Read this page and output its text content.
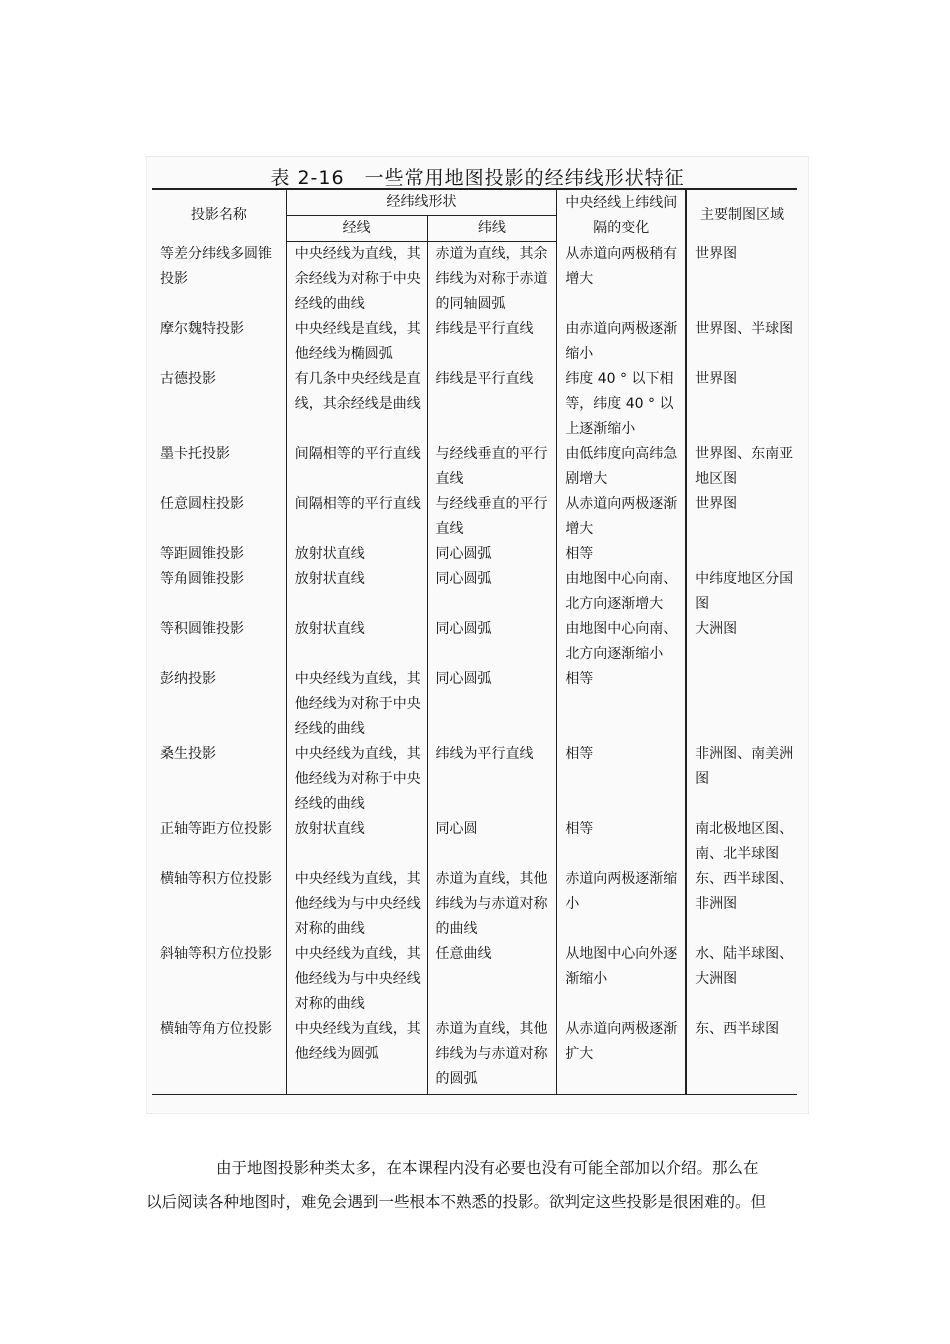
表 2-16　一些常用地图投影的经纬线形状特征
投影名称	经纬线形状		中央经线上纬线间隔的变化	主要制图区域
	经线	纬线		
等差分纬线多圆锥投影	中央经线为直线，其余经线为对称于中央经线的曲线	赤道为直线，其余纬线为对称于赤道的同轴圆弧	从赤道向两极稍有增大	世界图
摩尔魏特投影	中央经线是直线，其他经线为椭圆弧	纬线是平行直线	由赤道向两极逐渐缩小	世界图、半球图
古德投影	有几条中央经线是直线，其余经线是曲线	纬线是平行直线	纬度 40 ° 以下相等，纬度 40 ° 以上逐渐缩小	世界图
墨卡托投影	间隔相等的平行直线	与经线垂直的平行直线	由低纬度向高纬急剧增大	世界图、东南亚地区图
任意圆柱投影	间隔相等的平行直线	与经线垂直的平行直线	从赤道向两极逐渐增大	世界图
等距圆锥投影	放射状直线	同心圆弧	相等	
等角圆锥投影	放射状直线	同心圆弧	由地图中心向南、北方向逐渐增大	中纬度地区分国图
等积圆锥投影	放射状直线	同心圆弧	由地图中心向南、北方向逐渐缩小	大洲图
彭纳投影	中央经线为直线，其他经线为对称于中央经线的曲线	同心圆弧	相等	
桑生投影	中央经线为直线，其他经线为对称于中央经线的曲线	纬线为平行直线	相等	非洲图、南美洲图
正轴等距方位投影	放射状直线	同心圆	相等	南北极地区图、南、北半球图
横轴等积方位投影	中央经线为直线，其他经线为与中央经线对称的曲线	赤道为直线，其他纬线为与赤道对称的曲线	赤道向两极逐渐缩小	东、西半球图、非洲图
斜轴等积方位投影	中央经线为直线，其他经线为与中央经线对称的曲线	任意曲线	从地图中心向外逐渐缩小	水、陆半球图、大洲图
横轴等角方位投影	中央经线为直线，其他经线为圆弧	赤道为直线，其他纬线为与赤道对称的圆弧	从赤道向两极逐渐扩大	东、西半球图
由于地图投影种类太多，在本课程内没有必要也没有可能全部加以介绍。那么在
以后阅读各种地图时，难免会遇到一些根本不熟悉的投影。欲判定这些投影是很困难的。但
